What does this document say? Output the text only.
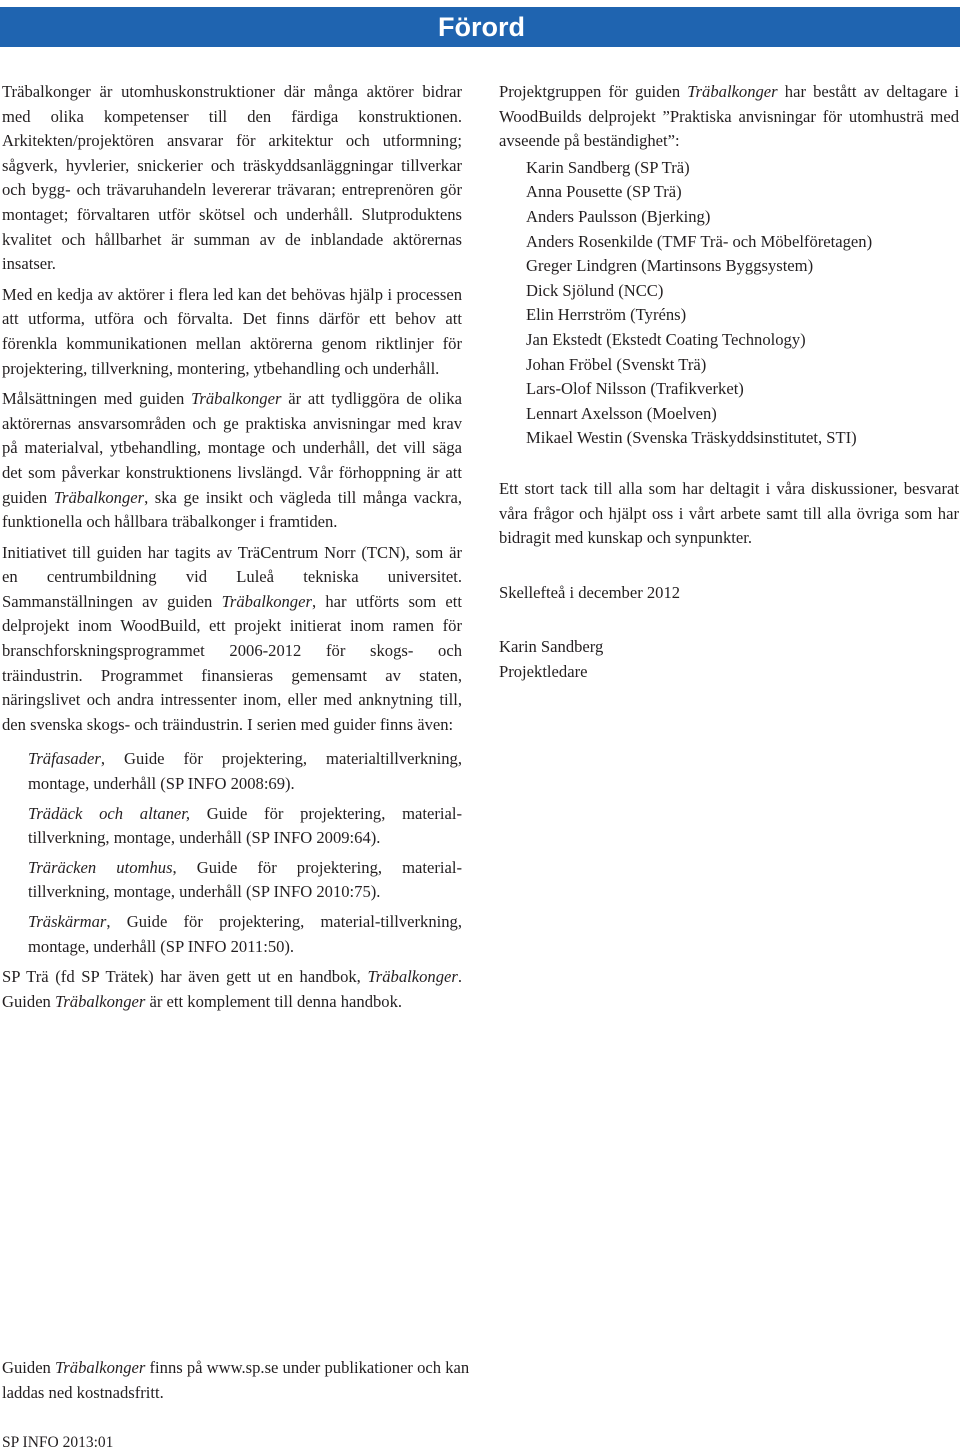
Förord

Träbalkonger är utomhuskonstruktioner där många aktörer bidrar med olika kompetenser till den färdiga konstruktionen. Arkitekten/projektören ansvarar för arkitektur och utformning; sågverk, hyvlerier, snickerier och träskyddsanläggningar tillverkar och bygg- och trävaruhandeln levererar trävaran; entreprenören gör montaget; förvaltaren utför skötsel och underhåll. Slutproduktens kvalitet och hållbarhet är summan av de inblandade aktörernas insatser.

Med en kedja av aktörer i flera led kan det behövas hjälp i processen att utforma, utföra och förvalta. Det finns därför ett behov att förenkla kommunikationen mellan aktörerna genom riktlinjer för projektering, tillverkning, montering, ytbehandling och underhåll.

Målsättningen med guiden Träbalkonger är att tydliggöra de olika aktörernas ansvarsområden och ge praktiska anvisningar med krav på materialval, ytbehandling, montage och underhåll, det vill säga det som påverkar konstruktionens livslängd. Vår förhoppning är att guiden Träbalkonger, ska ge insikt och vägleda till många vackra, funktionella och hållbara träbalkonger i framtiden.

Initiativet till guiden har tagits av TräCentrum Norr (TCN), som är en centrumbildning vid Luleå tekniska universitet. Sammanställningen av guiden Träbalkonger, har utförts som ett delprojekt inom WoodBuild, ett projekt initierat inom ramen för branschforskningsprogrammet 2006-2012 för skogs- och träindustrin. Programmet finansieras gemensamt av staten, näringslivet och andra intressenter inom, eller med anknytning till, den svenska skogs- och träindustrin. I serien med guider finns även:

Träfasader, Guide för projektering, materialtillverkning, montage, underhåll (SP INFO 2008:69).
Trädäck och altaner, Guide för projektering, material-tillverkning, montage, underhåll (SP INFO 2009:64).
Träräcken utomhus, Guide för projektering, material-tillverkning, montage, underhåll (SP INFO 2010:75).
Träskärmar, Guide för projektering, material-tillverkning, montage, underhåll (SP INFO 2011:50).

SP Trä (fd SP Trätek) har även gett ut en handbok, Träbalkonger. Guiden Träbalkonger är ett komplement till denna handbok.

Projektgruppen för guiden Träbalkonger har bestått av deltagare i WoodBuilds delprojekt ”Praktiska anvisningar för utomhusträ med avseende på beständighet”:

Karin Sandberg (SP Trä)
Anna Pousette (SP Trä)
Anders Paulsson (Bjerking)
Anders Rosenkilde (TMF Trä- och Möbelföretagen)
Greger Lindgren (Martinsons Byggsystem)
Dick Sjölund (NCC)
Elin Herrström (Tyréns)
Jan Ekstedt (Ekstedt Coating Technology)
Johan Fröbel (Svenskt Trä)
Lars-Olof Nilsson (Trafikverket)
Lennart Axelsson (Moelven)
Mikael Westin (Svenska Träskyddsinstitutet, STI)

Ett stort tack till alla som har deltagit i våra diskussioner, besvarat våra frågor och hjälpt oss i vårt arbete samt till alla övriga som har bidragit med kunskap och synpunkter.

Skellefteå i december 2012

Karin Sandberg
Projektledare
Guiden Träbalkonger finns på www.sp.se under publikationer och kan laddas ned kostnadsfritt.
SP INFO 2013:01
